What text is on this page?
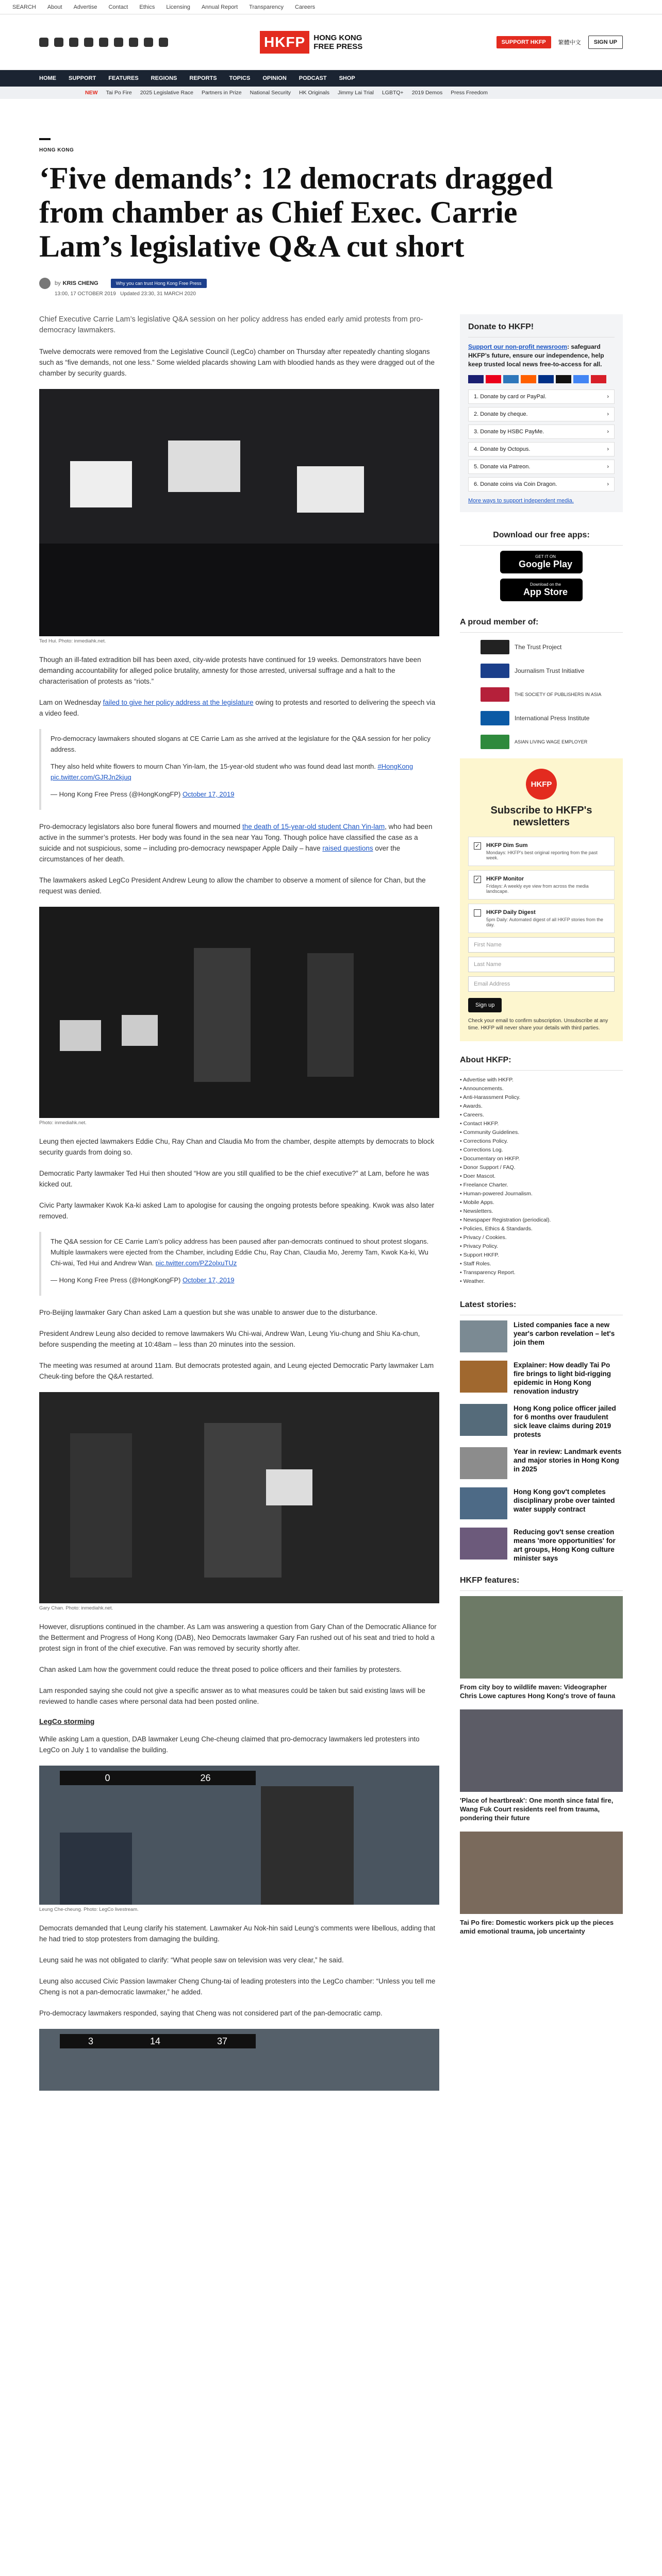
SEARCH About Advertise Contact Ethics Licensing Annual Report Transparency Careers
HKFP	HONG KONG
FREE PRESS	SUPPORT HKFP	繁體中文	SIGN UP
HOME SUPPORT FEATURES REGIONS REPORTS TOPICS OPINION PODCAST SHOP
NEW Tai Po Fire 2025 Legislative Race Partners in Prize National Security HK Originals Jimmy Lai Trial LGBTQ+ 2019 Demos Press Freedom
HONG KONG
‘Five demands’: 12 democrats dragged from chamber as Chief Exec. Carrie Lam’s legislative Q&A cut short
by KRIS CHENG	Why you can trust Hong Kong Free Press
13:00, 17 OCTOBER 2019 Updated 23:30, 31 MARCH 2020

Chief Executive Carrie Lam’s legislative Q&A session on her policy address has ended early amid protests from pro-democracy lawmakers.

Twelve democrats were removed from the Legislative Council (LegCo) chamber on Thursday after repeatedly chanting slogans such as “five demands, not one less.” Some wielded placards showing Lam with bloodied hands as they were dragged out of the chamber by security guards.

Ted Hui. Photo: inmediahk.net.

Though an ill-fated extradition bill has been axed, city-wide protests have continued for 19 weeks. Demonstrators have been demanding accountability for alleged police brutality, amnesty for those arrested, universal suffrage and a halt to the characterisation of protests as “riots.”

Lam on Wednesday failed to give her policy address at the legislature owing to protests and resorted to delivering the speech via a video feed.

Pro-democracy lawmakers shouted slogans at CE Carrie Lam as she arrived at the legislature for the Q&A session for her policy address.

They also held white flowers to mourn Chan Yin-lam, the 15-year-old student who was found dead last month. #HongKong pic.twitter.com/GJRJn2kjuq

— Hong Kong Free Press (@HongKongFP) October 17, 2019

Pro-democracy legislators also bore funeral flowers and mourned the death of 15-year-old student Chan Yin-lam, who had been active in the summer’s protests. Her body was found in the sea near Yau Tong. Though police have classified the case as a suicide and not suspicious, some – including pro-democracy newspaper Apple Daily – have raised questions over the circumstances of her death.

The lawmakers asked LegCo President Andrew Leung to allow the chamber to observe a moment of silence for Chan, but the request was denied.

Photo: inmediahk.net.

Leung then ejected lawmakers Eddie Chu, Ray Chan and Claudia Mo from the chamber, despite attempts by democrats to block security guards from doing so.

Democratic Party lawmaker Ted Hui then shouted “How are you still qualified to be the chief executive?” at Lam, before he was kicked out.

Civic Party lawmaker Kwok Ka-ki asked Lam to apologise for causing the ongoing protests before speaking. Kwok was also later removed.

The Q&A session for CE Carrie Lam’s policy address has been paused after pan-democrats continued to shout protest slogans. Multiple lawmakers were ejected from the Chamber, including Eddie Chu, Ray Chan, Claudia Mo, Jeremy Tam, Kwok Ka-ki, Wu Chi-wai, Ted Hui and Andrew Wan. pic.twitter.com/PZ2olxuTUz

— Hong Kong Free Press (@HongKongFP) October 17, 2019

Pro-Beijing lawmaker Gary Chan asked Lam a question but she was unable to answer due to the disturbance.

President Andrew Leung also decided to remove lawmakers Wu Chi-wai, Andrew Wan, Leung Yiu-chung and Shiu Ka-chun, before suspending the meeting at 10:48am – less than 20 minutes into the session.

The meeting was resumed at around 11am. But democrats protested again, and Leung ejected Democratic Party lawmaker Lam Cheuk-ting before the Q&A restarted.

Gary Chan. Photo: inmediahk.net.

However, disruptions continued in the chamber. As Lam was answering a question from Gary Chan of the Democratic Alliance for the Betterment and Progress of Hong Kong (DAB), Neo Democrats lawmaker Gary Fan rushed out of his seat and tried to hold a protest sign in front of the chief executive. Fan was removed by security shortly after.

Chan asked Lam how the government could reduce the threat posed to police officers and their families by protesters.

Lam responded saying she could not give a specific answer as to what measures could be taken but said existing laws will be reviewed to handle cases where personal data had been posted online.

LegCo storming

While asking Lam a question, DAB lawmaker Leung Che-cheung claimed that pro-democracy lawmakers led protesters into LegCo on July 1 to vandalise the building.

0	26
Leung Che-cheung. Photo: LegCo livestream.

Democrats demanded that Leung clarify his statement. Lawmaker Au Nok-hin said Leung’s comments were libellous, adding that he had tried to stop protesters from damaging the building.

Leung said he was not obligated to clarify: “What people saw on television was very clear,” he said.

Leung also accused Civic Passion lawmaker Cheng Chung-tai of leading protesters into the LegCo chamber: “Unless you tell me Cheng is not a pan-democratic lawmaker,” he added.

Pro-democracy lawmakers responded, saying that Cheng was not considered part of the pan-democratic camp.

3	14	37
Donate to HKFP!

Support our non-profit newsroom: safeguard HKFP’s future, ensure our independence, help keep trusted local news free-to-access for all.

1. Donate by card or PayPal.	›
2. Donate by cheque.	›
3. Donate by HSBC PayMe.	›
4. Donate by Octopus.	›
5. Donate via Patreon.	›
6. Donate coins via Coin Dragon.	›
More ways to support independent media.
Download our free apps:
GET IT ON
Google Play
Download on the
App Store
A proud member of:
The Trust Project
Journalism Trust Initiative
THE SOCIETY OF PUBLISHERS IN ASIA
International Press Institute
ASIAN LIVING WAGE EMPLOYER
HKFP
Subscribe to HKFP's newsletters
✓ HKFP Dim Sum
Mondays: HKFP's best original reporting from the past week.
✓ HKFP Monitor
Fridays: A weekly eye view from across the media landscape.
HKFP Daily Digest
5pm Daily: Automated digest of all HKFP stories from the day.
First Name
Last Name
Email Address
Sign up

Check your email to confirm subscription. Unsubscribe at any time. HKFP will never share your details with third parties.

About HKFP:
• Advertise with HKFP.
• Announcements.
• Anti-Harassment Policy.
• Awards.
• Careers.
• Contact HKFP.
• Community Guidelines.
• Corrections Policy.
• Corrections Log.
• Documentary on HKFP.
• Donor Support / FAQ.
• Doer Mascot.
• Freelance Charter.
• Human-powered Journalism.
• Mobile Apps.
• Newsletters.
• Newspaper Registration (periodical).
• Policies, Ethics & Standards.
• Privacy / Cookies.
• Privacy Policy.
• Support HKFP.
• Staff Roles.
• Transparency Report.
• Weather.
Latest stories:
Listed companies face a new year's carbon revelation – let's join them
Explainer: How deadly Tai Po fire brings to light bid-rigging epidemic in Hong Kong renovation industry
Hong Kong police officer jailed for 6 months over fraudulent sick leave claims during 2019 protests
Year in review: Landmark events and major stories in Hong Kong in 2025
Hong Kong gov't completes disciplinary probe over tainted water supply contract
Reducing gov't sense creation means 'more opportunities' for art groups, Hong Kong culture minister says
HKFP features:
From city boy to wildlife maven: Videographer Chris Lowe captures Hong Kong's trove of fauna
'Place of heartbreak': One month since fatal fire, Wang Fuk Court residents reel from trauma, pondering their future
Tai Po fire: Domestic workers pick up the pieces amid emotional trauma, job uncertainty
